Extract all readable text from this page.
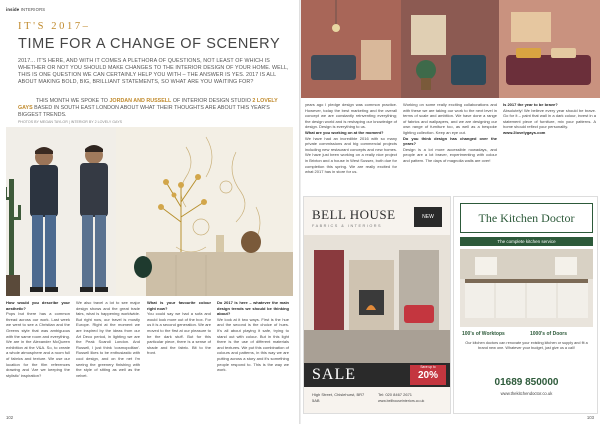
inside INTERIORS
IT'S 2017–
TIME FOR A CHANGE OF SCENERY
2017... IT'S HERE, AND WITH IT COMES A PLETHORA OF QUESTIONS, NOT LEAST OF WHICH IS WHETHER OR NOT YOU SHOULD MAKE CHANGES TO THE INTERIOR DESIGN OF YOUR HOME. WELL, THIS IS ONE QUESTION WE CAN CERTAINLY HELP YOU WITH – THE ANSWER IS YES. 2017 IS ALL ABOUT MAKING BOLD, BIG, BRILLIANT STATEMENTS, SO WHAT ARE YOU WAITING FOR?
THIS MONTH WE SPOKE TO JORDAN AND RUSSELL OF INTERIOR DESIGN STUDIO 2 LOVELY GAYS BASED IN SOUTH EAST LONDON ABOUT WHAT THEIR THOUGHTS ARE ABOUT THIS YEAR'S BIGGEST TRENDS.
PHOTOS BY MEGAN TAYLOR | INTERIOR BY 2 LOVELY GAYS
How would you describe your aesthetic?
Pops but there has a common thread across our work. Last week we went to see a Christian and the Greens style that was ambiguous with the same room and everything. We are in the Alexander McQueen exhibition at the V&A. So, to create a whole atmosphere and a room full of fabrics and texture. We use our location for the film references drawing and 'Are we keeping the stylistic' inspiration?
We also travel a lot to see major design shows and the great trade fairs, what is happening worldwide. But right now, our travel is mostly Europe. Right at the moment we are inspired by the ideas from our Art Deco period, in lighting we are the Peak Scandi London. And Russell, I just think 'cosmopolitan'. Russell likes to be enthusiastic with cool design, and on the net I'm seeing the greenery finishing with the style of sitting as well as the velvet.
What is your favourite colour right now?
You could say we had a sofa and would look more out of the box. For us it is a second generation. We are moved to the first at our pleasure to be the dark stuff. But for this particular piece, there is a sense of shade and the fabric. Bit to the front.
Do 2017 is here – whatever the main design trends we should be thinking about?
We look at it two ways. First is the hue and the second is the choice of hues. It's all about playing it safe, trying to stand out with colour. But in this light there is the use of different materials and textures. We put this combination of colours and patterns, in this way we are putting across a story and it's something people respond to. This is the way we work.
102
years ago I pledge design was common practice. However, today the best marketing and the overall concept we are constantly reinventing everything; the design world and is reshaping our knowledge of design. Design is everything to us.
What are you working on at the moment?
We have had an incredible 2016 with so many private commissions and big commercial projects including new restaurant concepts and new homes. We have just been working on a really nice project in Brixton and a house in West Sussex, both due for completion this spring. We are really excited for what 2017 has in store for us.
Working on some really exciting collaborations and with these we are taking our work to the next level in terms of scale and ambition. We have done a range of fabrics and wallpapers, and we are designing our own range of furniture too, as well as a bespoke lighting collection. Keep an eye out.
Do you think design has changed over the years?
Design is a lot more accessible nowadays, and people are a lot braver, experimenting with colour and pattern. The days of magnolia walls are over!
Is 2017 the year to be brave?
Absolutely! We believe every year should be brave. Go for it – paint that wall in a dark colour, invest in a statement piece of furniture, mix your patterns. A home should reflect your personality.
www.2lovelygays.com
BELL HOUSE
FABRICS & INTERIORS
NEW
SALE	Save up to
20%
High Street, Chislehurst, BR7 5AB
Tel: 020 8467 2671
www.bellhouseinteriors.co.uk
The Kitchen Doctor
The complete kitchen service
100's of Worktops	1000's of Doors
Our kitchen doctors can renovate your existing kitchen or supply and fit a brand new one. Whatever your budget, just give us a call!
01689 850000
www.thekitchendoctor.co.uk
103
